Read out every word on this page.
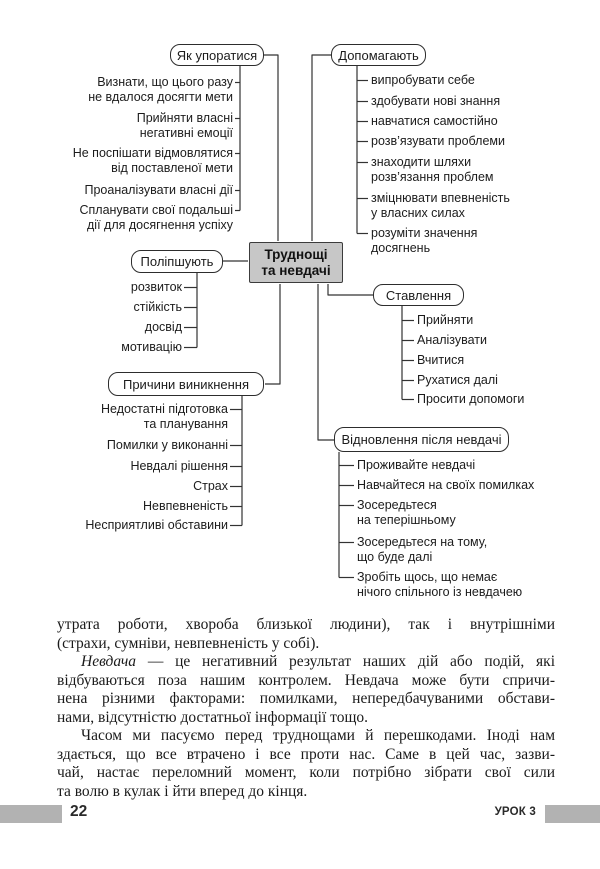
Труднощі
та невдачі
Як упоратися
Визнати, що цього разу
не вдалося досягти мети
Прийняти власні
негативні емоції
Не поспішати відмовлятися
від поставленої мети
Проаналізувати власні дії
Спланувати свої подальші
дії для досягнення успіху
Допомагають
випробувати себе
здобувати нові знання
навчатися самостійно
розв’язувати проблеми
знаходити шляхи
розв’язання проблем
зміцнювати впевненість
у власних силах
розуміти значення
досягнень
Поліпшують
розвиток
стійкість
досвід
мотивацію
Ставлення
Прийняти
Аналізувати
Вчитися
Рухатися далі
Просити допомоги
Причини виникнення
Недостатні підготовка
та планування
Помилки у виконанні
Невдалі рішення
Страх
Невпевненість
Несприятливі обставини
Відновлення після невдачі
Проживайте невдачі
Навчайтеся на своїх помилках
Зосередьтеся
на теперішньому
Зосередьтеся на тому,
що буде далі
Зробіть щось, що немає
нічого спільного із невдачею
утрата роботи, хвороба близької людини), так і внутрішніми
(страхи, сумніви, невпевненість у собі).
Невдача — це негативний результат наших дій або подій, які
відбуваються поза нашим контролем. Невдача може бути спричи-
нена різними факторами: помилками, непередбачуваними обстави-
нами, відсутністю достатньої інформації тощо.
Часом ми пасуємо перед труднощами й перешкодами. Іноді нам
здається, що все втрачено і все проти нас. Саме в цей час, зазви-
чай, настає переломний момент, коли потрібно зібрати свої сили
та волю в кулак і йти вперед до кінця.
22	УРОК 3
